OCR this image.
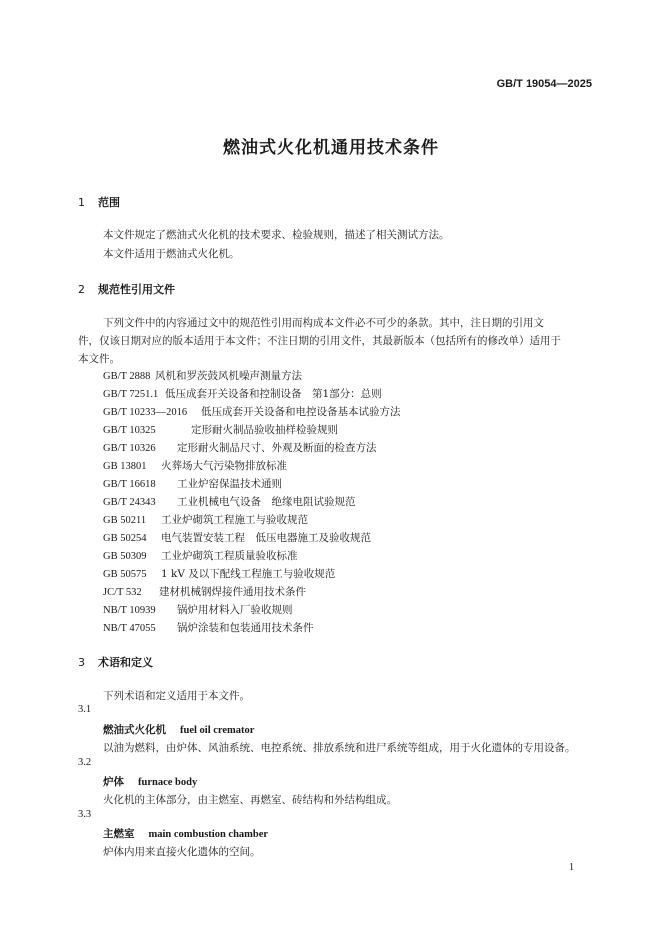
GB/T 19054—2025
燃油式火化机通用技术条件
1 范围
本文件规定了燃油式火化机的技术要求、检验规则，描述了相关测试方法。
本文件适用于燃油式火化机。
2 规范性引用文件
下列文件中的内容通过文中的规范性引用而构成本文件必不可少的条款。其中，注日期的引用文
件，仅该日期对应的版本适用于本文件；不注日期的引用文件，其最新版本（包括所有的修改单）适用于
本文件。
GB/T 2888 风机和罗茨鼓风机噪声测量方法
GB/T 7251.1 低压成套开关设备和控制设备　第1部分：总则
GB/T 10233—2016 低压成套开关设备和电控设备基本试验方法
GB/T 10325	定形耐火制品验收抽样检验规则
GB/T 10326 定形耐火制品尺寸、外观及断面的检查方法
GB 13801 火葬场大气污染物排放标准
GB/T 16618 工业炉窑保温技术通则
GB/T 24343 工业机械电气设备　绝缘电阻试验规范
GB 50211 工业炉砌筑工程施工与验收规范
GB 50254 电气装置安装工程　低压电器施工及验收规范
GB 50309 工业炉砌筑工程质量验收标准
GB 50575 1 kV 及以下配线工程施工与验收规范
JC/T 532 建材机械钢焊接件通用技术条件
NB/T 10939 锅炉用材料入厂验收规则
NB/T 47055 锅炉涂装和包装通用技术条件
3 术语和定义
下列术语和定义适用于本文件。
3.1
燃油式火化机 fuel oil cremator
以油为燃料，由炉体、风油系统、电控系统、排放系统和进尸系统等组成，用于火化遗体的专用设备。
3.2
炉体 furnace body
火化机的主体部分，由主燃室、再燃室、砖结构和外结构组成。
3.3
主燃室 main combustion chamber
炉体内用来直接火化遗体的空间。
1
